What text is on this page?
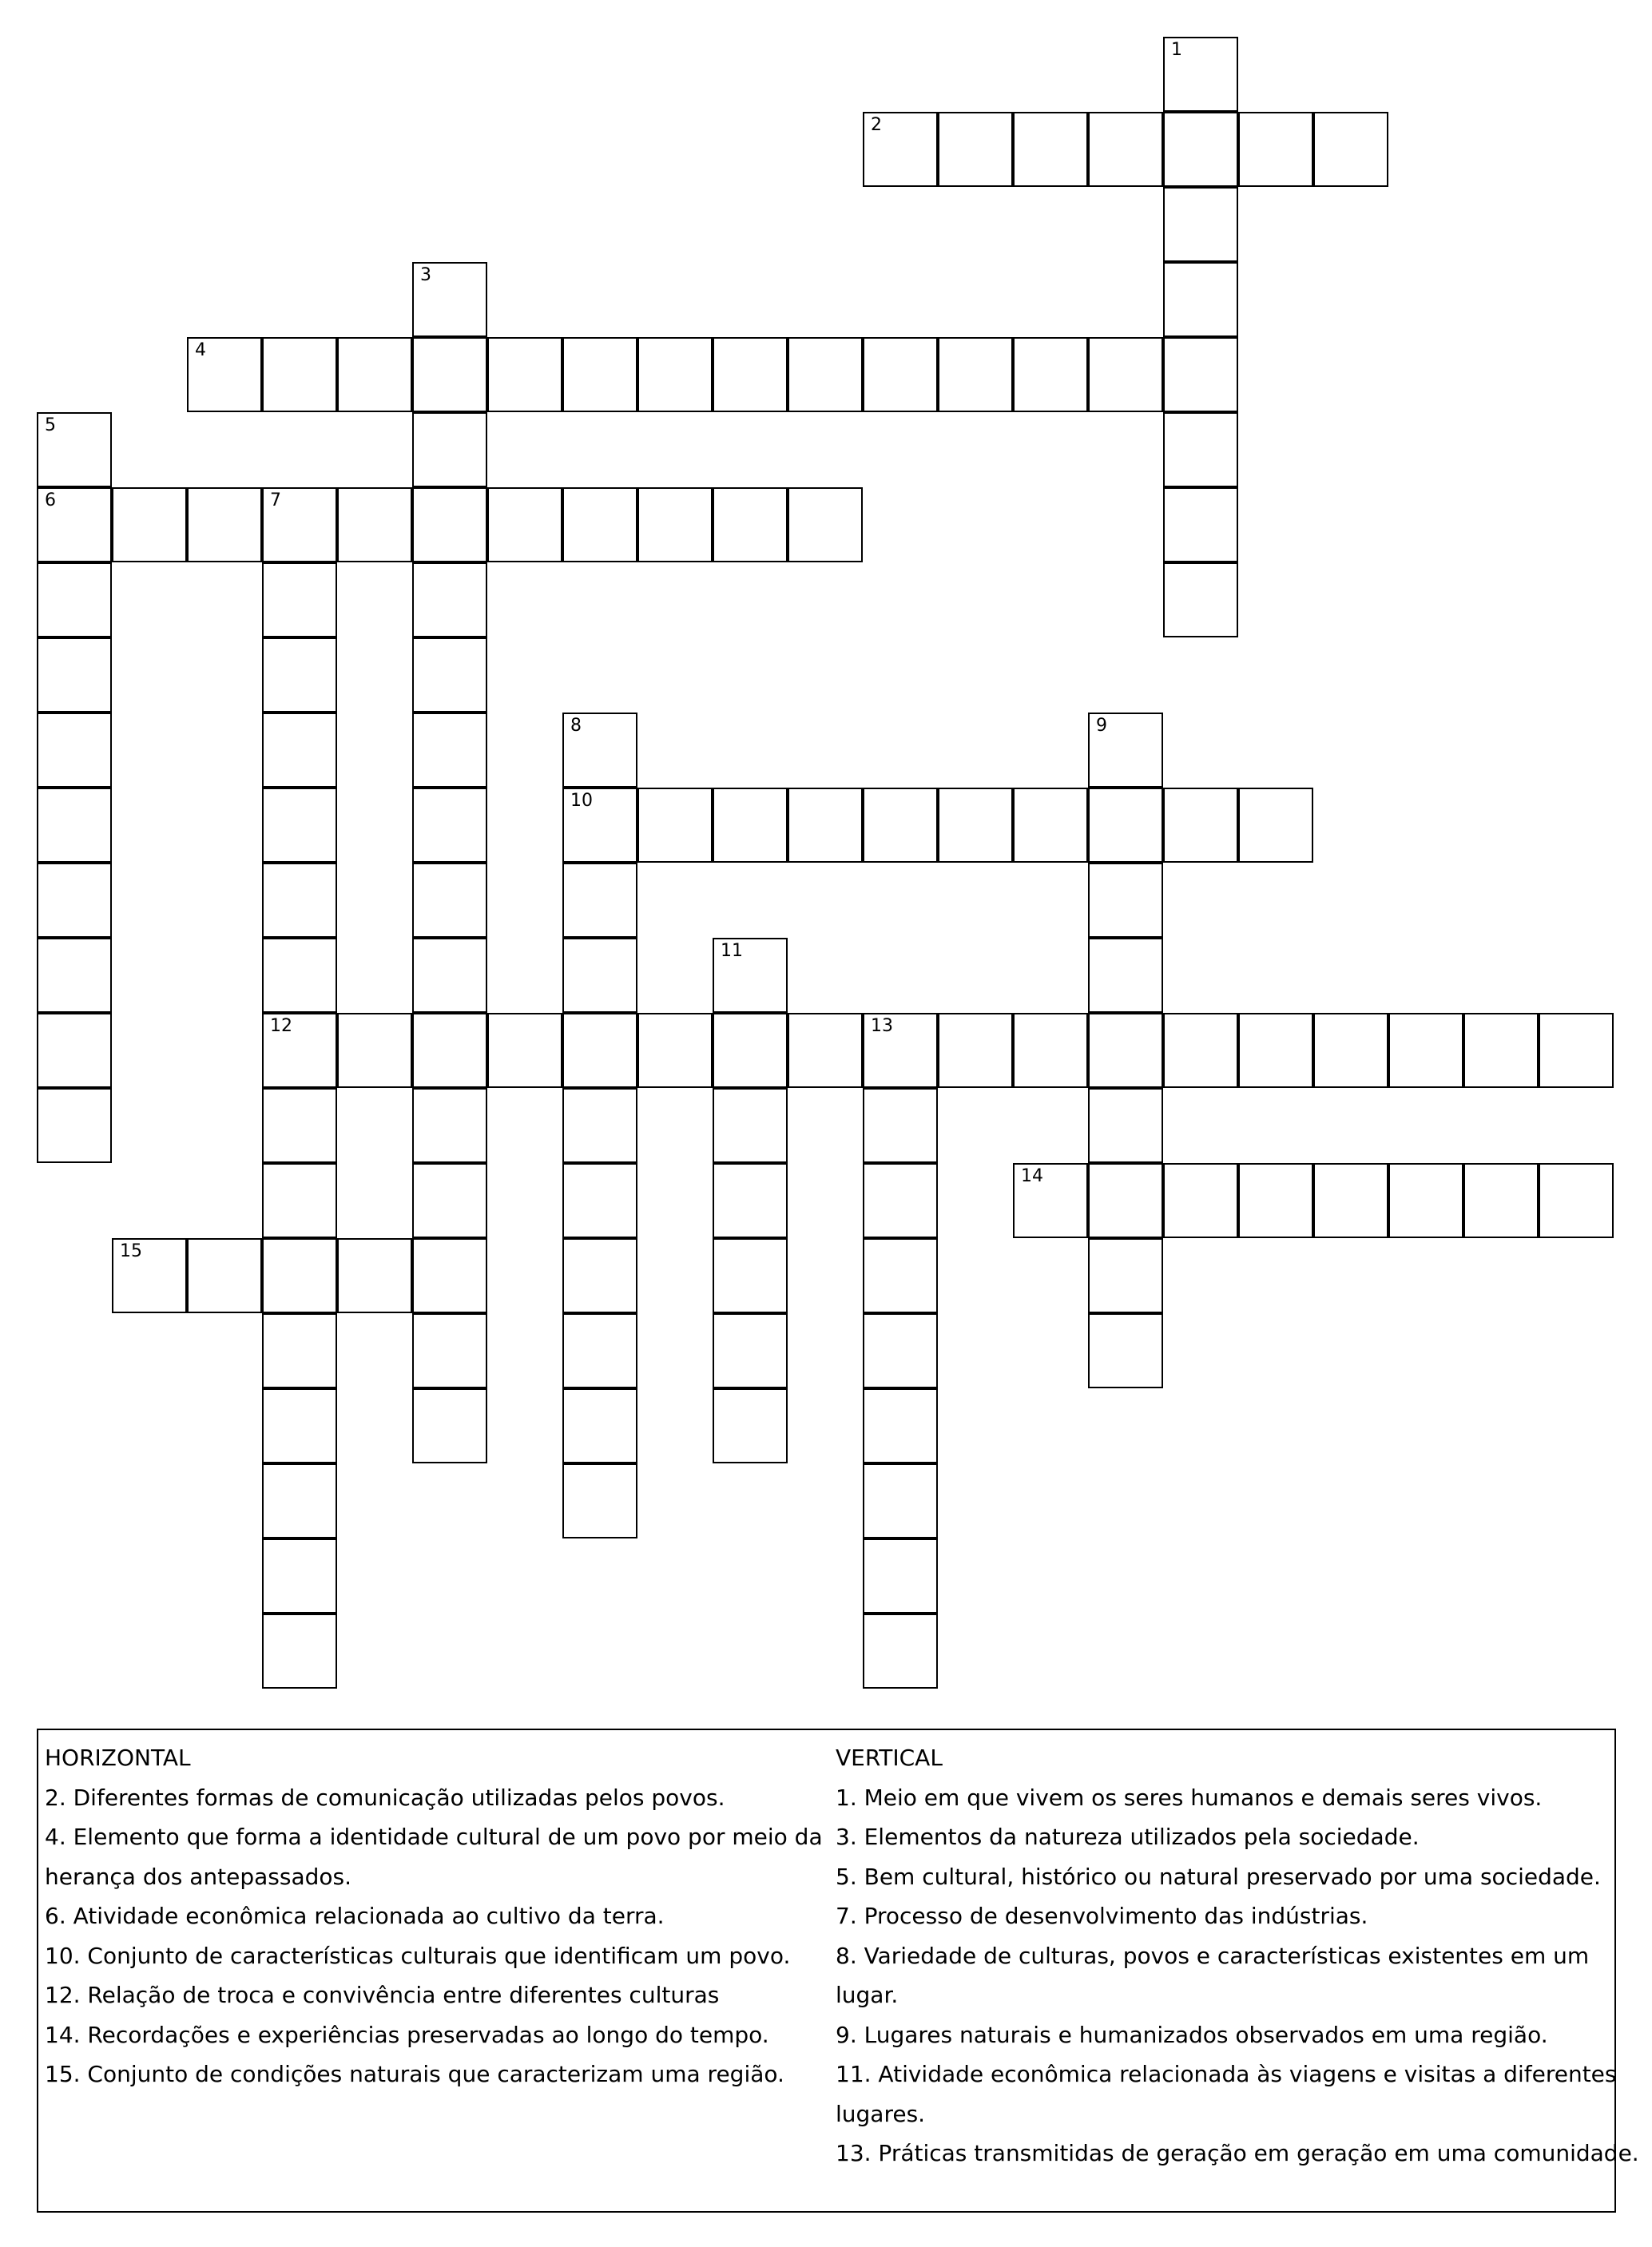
1
2
3
4
5
6	7
12
8
10
9
11
13
14
15
HORIZONTAL
2. Diferentes formas de comunicação utilizadas pelos povos.
4. Elemento que forma a identidade cultural de um povo por meio da
herança dos antepassados.
6. Atividade econômica relacionada ao cultivo da terra.
10. Conjunto de características culturais que identificam um povo.
12. Relação de troca e convivência entre diferentes culturas
14. Recordações e experiências preservadas ao longo do tempo.
15. Conjunto de condições naturais que caracterizam uma região.
VERTICAL
1. Meio em que vivem os seres humanos e demais seres vivos.
3. Elementos da natureza utilizados pela sociedade.
5. Bem cultural, histórico ou natural preservado por uma sociedade.
7. Processo de desenvolvimento das indústrias.
8. Variedade de culturas, povos e características existentes em um
lugar.
9. Lugares naturais e humanizados observados em uma região.
11. Atividade econômica relacionada às viagens e visitas a diferentes
lugares.
13. Práticas transmitidas de geração em geração em uma comunidade.
